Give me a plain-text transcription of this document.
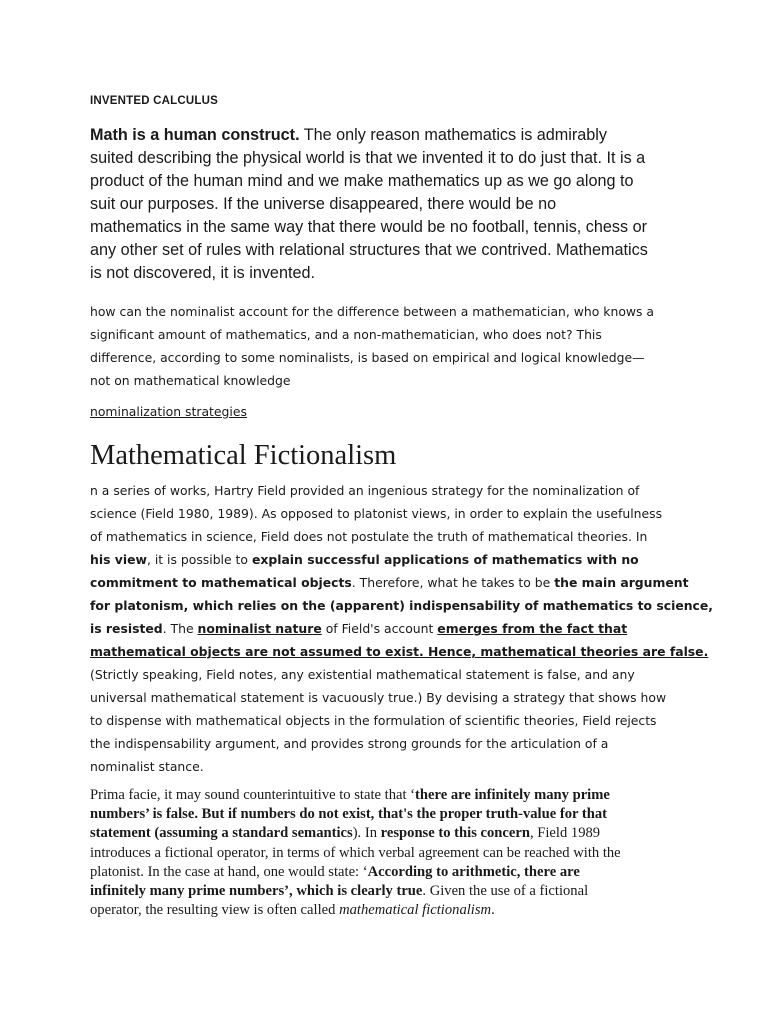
INVENTED CALCULUS
Math is a human construct. The only reason mathematics is admirably
suited describing the physical world is that we invented it to do just that. It is a
product of the human mind and we make mathematics up as we go along to
suit our purposes. If the universe disappeared, there would be no
mathematics in the same way that there would be no football, tennis, chess or
any other set of rules with relational structures that we contrived. Mathematics
is not discovered, it is invented.
how can the nominalist account for the difference between a mathematician, who knows a
significant amount of mathematics, and a non-mathematician, who does not? This
difference, according to some nominalists, is based on empirical and logical knowledge—
not on mathematical knowledge
nominalization strategies
Mathematical Fictionalism
n a series of works, Hartry Field provided an ingenious strategy for the nominalization of
science (Field 1980, 1989). As opposed to platonist views, in order to explain the usefulness
of mathematics in science, Field does not postulate the truth of mathematical theories. In
his view, it is possible to explain successful applications of mathematics with no
commitment to mathematical objects. Therefore, what he takes to be the main argument
for platonism, which relies on the (apparent) indispensability of mathematics to science,
is resisted. The nominalist nature of Field's account emerges from the fact that
mathematical objects are not assumed to exist. Hence, mathematical theories are false.
(Strictly speaking, Field notes, any existential mathematical statement is false, and any
universal mathematical statement is vacuously true.) By devising a strategy that shows how
to dispense with mathematical objects in the formulation of scientific theories, Field rejects
the indispensability argument, and provides strong grounds for the articulation of a
nominalist stance.
Prima facie, it may sound counterintuitive to state that ‘there are infinitely many prime
numbers’ is false. But if numbers do not exist, that's the proper truth-value for that
statement (assuming a standard semantics). In response to this concern, Field 1989
introduces a fictional operator, in terms of which verbal agreement can be reached with the
platonist. In the case at hand, one would state: ‘According to arithmetic, there are
infinitely many prime numbers’, which is clearly true. Given the use of a fictional
operator, the resulting view is often called mathematical fictionalism.
